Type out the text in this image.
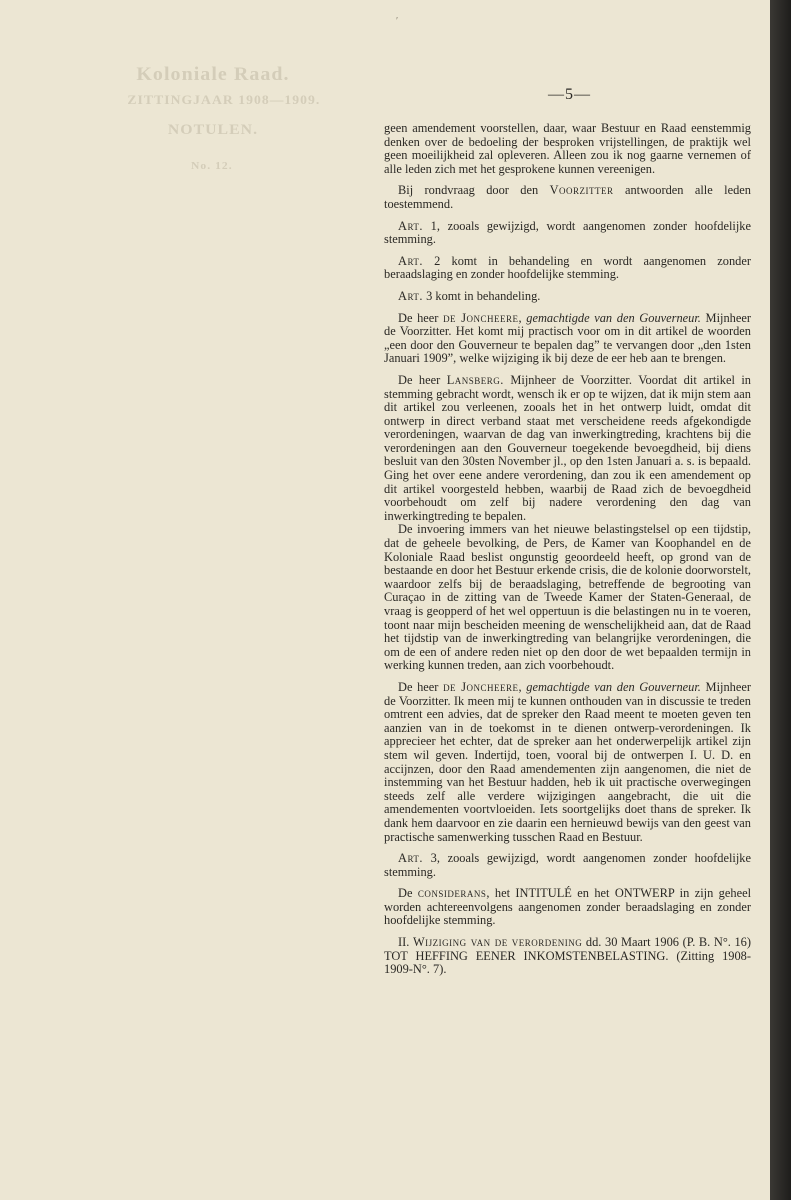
Koloniale Raad.
ZITTINGJAAR 1908—1909.
NOTULEN.
No. 12.
′
—5—

geen amendement voorstellen, daar, waar Bestuur en Raad eenstemmig denken over de bedoeling der besproken vrijstellingen, de praktijk wel geen moeilijkheid zal opleveren. Alleen zou ik nog gaarne vernemen of alle leden zich met het gesprokene kunnen vereenigen.

Bij rondvraag door den Voorzitter antwoorden alle leden toestemmend.

Art. 1, zooals gewijzigd, wordt aangenomen zonder hoofdelijke stemming.

Art. 2 komt in behandeling en wordt aangenomen zonder beraadslaging en zonder hoofdelijke stemming.

Art. 3 komt in behandeling.

De heer de Joncheere, gemachtigde van den Gouverneur. Mijnheer de Voorzitter. Het komt mij practisch voor om in dit artikel de woorden „een door den Gouverneur te bepalen dag” te vervangen door „den 1sten Januari 1909”, welke wijziging ik bij deze de eer heb aan te brengen.

De heer Lansberg. Mijnheer de Voorzitter. Voordat dit artikel in stemming gebracht wordt, wensch ik er op te wijzen, dat ik mijn stem aan dit artikel zou verleenen, zooals het in het ontwerp luidt, omdat dit ontwerp in direct verband staat met verscheidene reeds afgekondigde verordeningen, waarvan de dag van inwerkingtreding, krachtens bij die verordeningen aan den Gouverneur toegekende bevoegdheid, bij diens besluit van den 30sten November jl., op den 1sten Januari a. s. is bepaald. Ging het over eene andere verordening, dan zou ik een amendement op dit artikel voorgesteld hebben, waarbij de Raad zich de bevoegdheid voorbehoudt om zelf bij nadere verordening den dag van inwerkingtreding te bepalen.

De invoering immers van het nieuwe belastingstelsel op een tijdstip, dat de geheele bevolking, de Pers, de Kamer van Koophandel en de Koloniale Raad beslist ongunstig geoordeeld heeft, op grond van de bestaande en door het Bestuur erkende crisis, die de kolonie doorworstelt, waardoor zelfs bij de beraadslaging, betreffende de begrooting van Curaçao in de zitting van de Tweede Kamer der Staten-Generaal, de vraag is geopperd of het wel oppertuun is die belastingen nu in te voeren, toont naar mijn bescheiden meening de wenschelijkheid aan, dat de Raad het tijdstip van de inwerkingtreding van belangrijke verordeningen, die om de een of andere reden niet op den door de wet bepaalden termijn in werking kunnen treden, aan zich voorbehoudt.

De heer de Joncheere, gemachtigde van den Gouverneur. Mijnheer de Voorzitter. Ik meen mij te kunnen onthouden van in discussie te treden omtrent een advies, dat de spreker den Raad meent te moeten geven ten aanzien van in de toekomst in te dienen ontwerp-verordeningen. Ik apprecieer het echter, dat de spreker aan het onderwerpelijk artikel zijn stem wil geven. Indertijd, toen, vooral bij de ontwerpen I. U. D. en accijnzen, door den Raad amendementen zijn aangenomen, die niet de instemming van het Bestuur hadden, heb ik uit practische overwegingen steeds zelf alle verdere wijzigingen aangebracht, die uit die amendementen voortvloeiden. Iets soortgelijks doet thans de spreker. Ik dank hem daarvoor en zie daarin een hernieuwd bewijs van den geest van practische samenwerking tusschen Raad en Bestuur.

Art. 3, zooals gewijzigd, wordt aangenomen zonder hoofdelijke stemming.

De considerans, het INTITULÉ en het ONTWERP in zijn geheel worden achtereenvolgens aangenomen zonder beraadslaging en zonder hoofdelijke stemming.

II. Wijziging van de verordening dd. 30 Maart 1906 (P. B. N°. 16) TOT HEFFING EENER INKOMSTENBELASTING. (Zitting 1908-1909-N°. 7).
